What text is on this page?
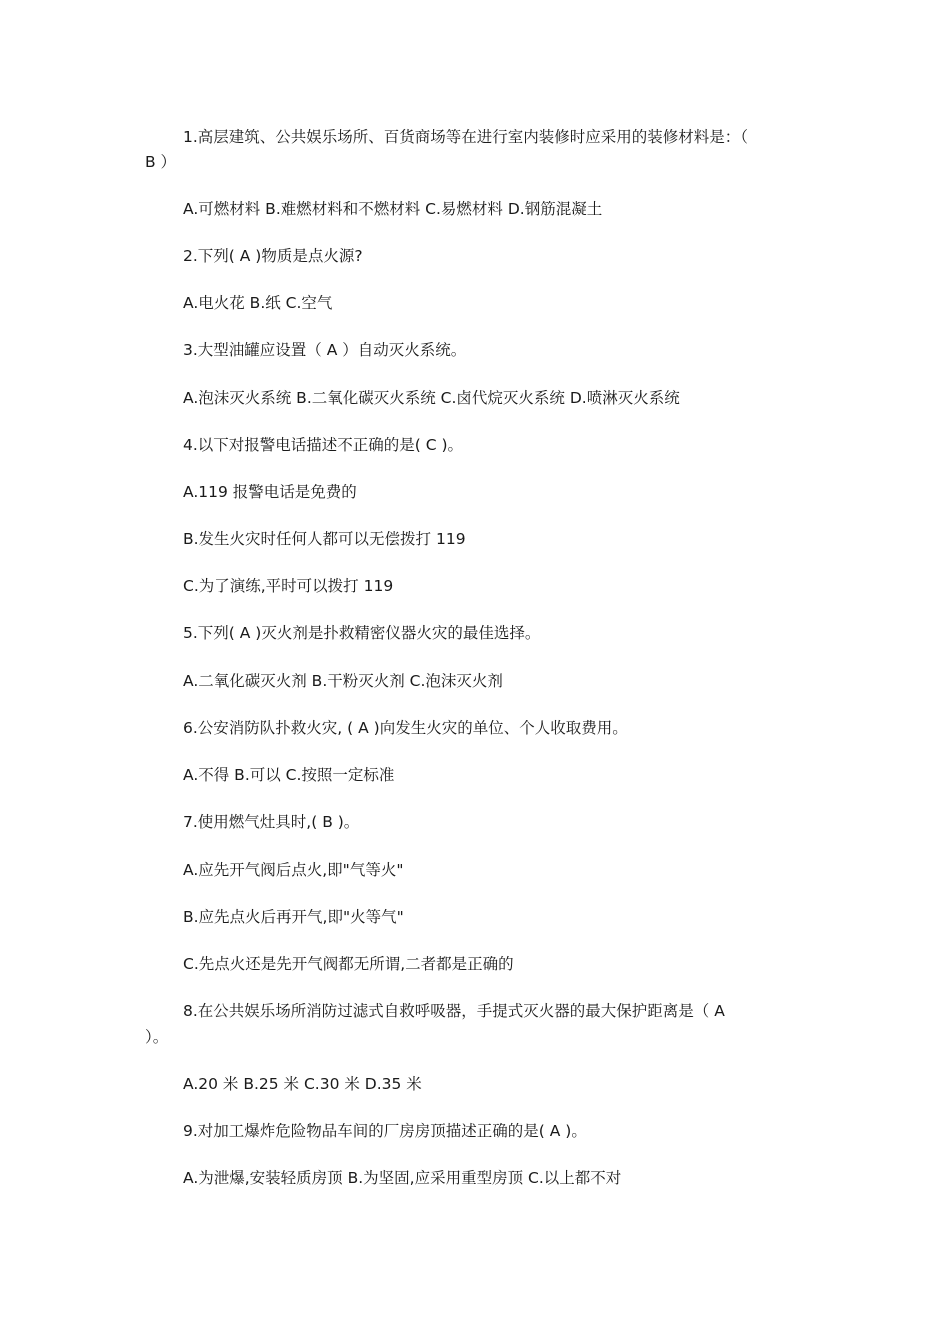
1.高层建筑、公共娱乐场所、百货商场等在进行室内装修时应采用的装修材料是：（
B ）
A.可燃材料 B.难燃材料和不燃材料 C.易燃材料 D.钢筋混凝土
2.下列( A )物质是点火源?
A.电火花 B.纸 C.空气
3.大型油罐应设置（ A ）自动灭火系统。
A.泡沫灭火系统 B.二氧化碳灭火系统 C.卤代烷灭火系统 D.喷淋灭火系统
4.以下对报警电话描述不正确的是( C )。
A.119 报警电话是免费的
B.发生火灾时任何人都可以无偿拨打 119
C.为了演练,平时可以拨打 119
5.下列( A )灭火剂是扑救精密仪器火灾的最佳选择。
A.二氧化碳灭火剂 B.干粉灭火剂 C.泡沫灭火剂
6.公安消防队扑救火灾, ( A )向发生火灾的单位、个人收取费用。
A.不得 B.可以 C.按照一定标准
7.使用燃气灶具时,( B )。
A.应先开气阀后点火,即"气等火"
B.应先点火后再开气,即"火等气"
C.先点火还是先开气阀都无所谓,二者都是正确的
8.在公共娱乐场所消防过滤式自救呼吸器，手提式灭火器的最大保护距离是（ A
）。
A.20 米 B.25 米 C.30 米 D.35 米
9.对加工爆炸危险物品车间的厂房房顶描述正确的是( A )。
A.为泄爆,安装轻质房顶 B.为坚固,应采用重型房顶 C.以上都不对
